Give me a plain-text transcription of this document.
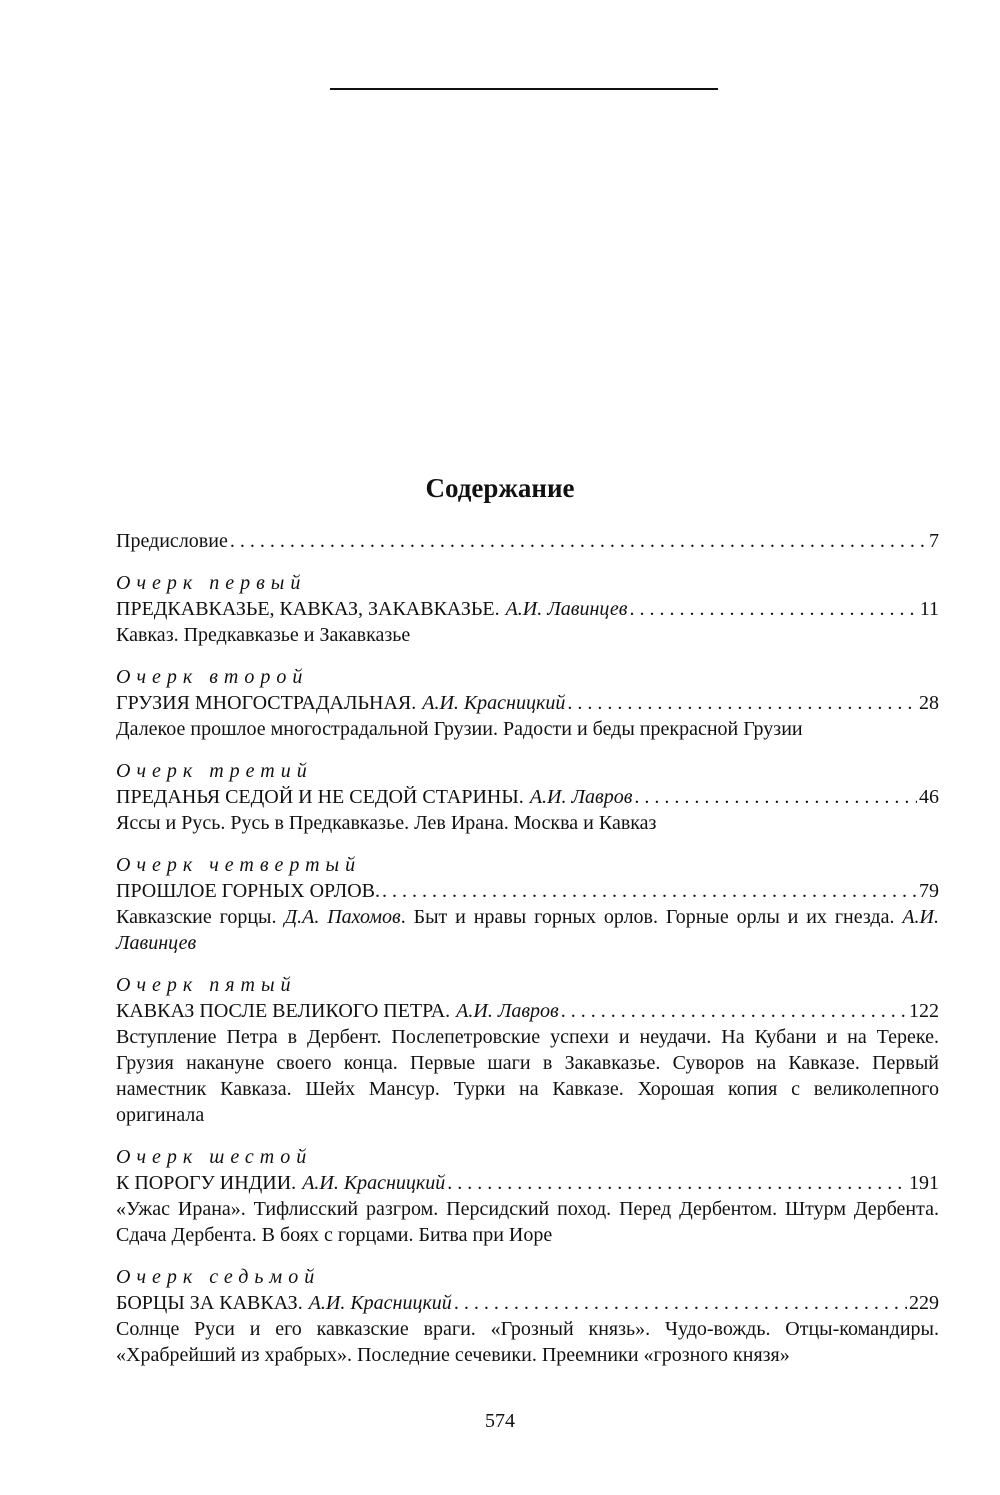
Содержание
Предисловие . . .	7
Очерк первый
ПРЕДКАВКАЗЬЕ, КАВКАЗ, ЗАКАВКАЗЬЕ. А.И. Лавинцев . . .	11
Кавказ. Предкавказье и Закавказье
Очерк второй
ГРУЗИЯ МНОГОСТРАДАЛЬНАЯ. А.И. Красницкий . . .	28
Далекое прошлое многострадальной Грузии. Радости и беды прекрасной Грузии
Очерк третий
ПРЕДАНЬЯ СЕДОЙ И НЕ СЕДОЙ СТАРИНЫ. А.И. Лавров . . .	46
Яссы и Русь. Русь в Предкавказье. Лев Ирана. Москва и Кавказ
Очерк четвертый
ПРОШЛОЕ ГОРНЫХ ОРЛОВ. . . .	79
Кавказские горцы. Д.А. Пахомов. Быт и нравы горных орлов. Горные орлы и их гнезда. А.И. Лавинцев
Очерк пятый
КАВКАЗ ПОСЛЕ ВЕЛИКОГО ПЕТРА. А.И. Лавров . . .	122
Вступление Петра в Дербент. Послепетровские успехи и неудачи. На Кубани и на Тереке. Грузия накануне своего конца. Первые шаги в Закавказье. Суворов на Кавказе. Первый наместник Кавказа. Шейх Мансур. Турки на Кавказе. Хорошая копия с великолепного оригинала
Очерк шестой
К ПОРОГУ ИНДИИ. А.И. Красницкий . . .	191
«Ужас Ирана». Тифлисский разгром. Персидский поход. Перед Дербентом. Штурм Дербента. Сдача Дербента. В боях с горцами. Битва при Иоре
Очерк седьмой
БОРЦЫ ЗА КАВКАЗ. А.И. Красницкий . . .	229
Солнце Руси и его кавказские враги. «Грозный князь». Чудо-вождь. Отцы-командиры. «Храбрейший из храбрых». Последние сечевики. Преемники «грозного князя»
574
